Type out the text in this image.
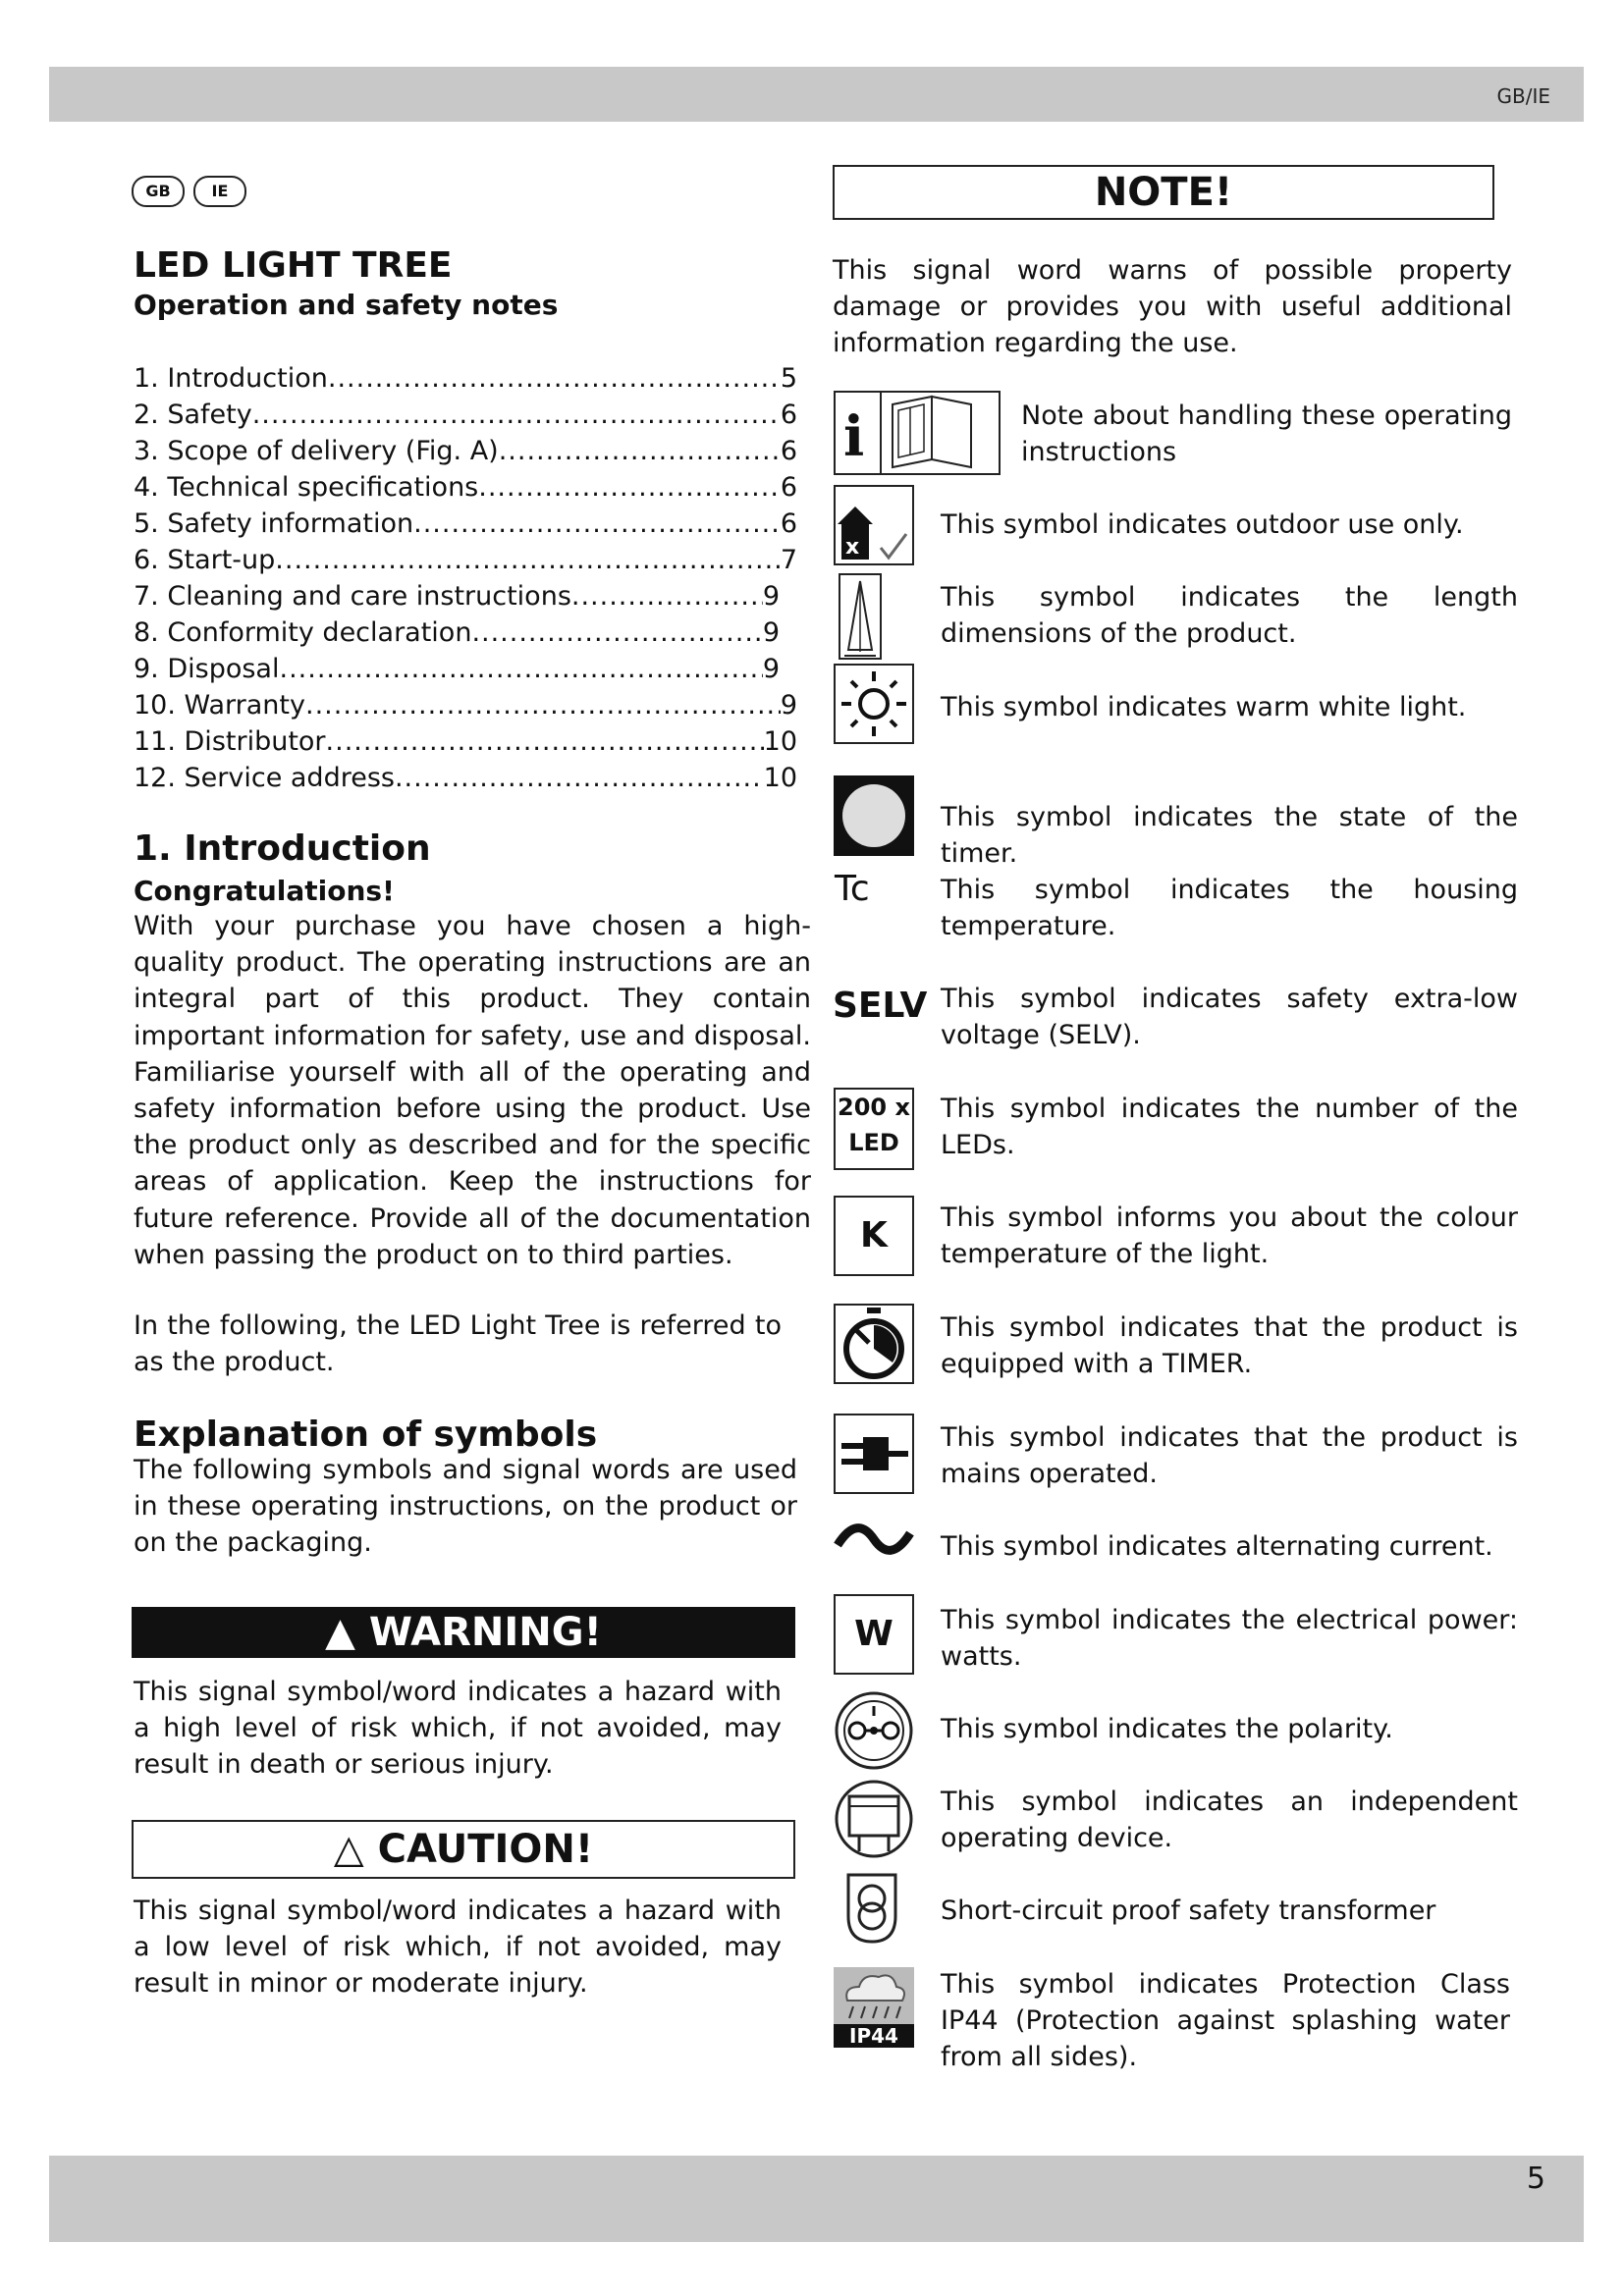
GB/IE
5
GB	IE
LED LIGHT TREE
Operation and safety notes
1. Introduction .....	5
2. Safety .....	6
3. Scope of delivery (Fig. A) .....	6
4. Technical specifications .....	6
5. Safety information .....	6
6. Start-up .....	7
7. Cleaning and care instructions .....	9
8. Conformity declaration .....	9
9. Disposal .....	9
10. Warranty .....	9
11. Distributor .....	10
12. Service address .....	10
1. Introduction
Congratulations!
With your purchase you have chosen a high-quality product. The operating instructions are an integral part of this product. They contain important information for safety, use and disposal. Familiarise yourself with all of the operating and safety information before using the product. Use the product only as described and for the specific areas of application. Keep the instructions for future reference. Provide all of the documentation when passing the product on to third parties.
In the following, the LED Light Tree is referred to as the product.
Explanation of symbols
The following symbols and signal words are used in these operating instructions, on the product or on the packaging.
▲ WARNING!
This signal symbol/word indicates a hazard with a high level of risk which, if not avoided, may result in death or serious injury.
△ CAUTION!
This signal symbol/word indicates a hazard with a low level of risk which, if not avoided, may result in minor or moderate injury.
NOTE!
This signal word warns of possible property damage or provides you with useful additional information regarding the use.
i	Note about handling these operating instructions
x
This symbol indicates outdoor use only.
This symbol indicates the length dimensions of the product.
This symbol indicates warm white light.
This symbol indicates the state of the timer.
Tc	This symbol indicates the housing temperature.
SELV This symbol indicates safety extra-low voltage (SELV).
200 x
LED
This symbol indicates the number of the LEDs.
K	This symbol informs you about the colour temperature of the light.
This symbol indicates that the product is equipped with a TIMER.
This symbol indicates that the product is mains operated.
This symbol indicates alternating current.
W	This symbol indicates the electrical power: watts.
This symbol indicates the polarity.
This symbol indicates an independent operating device.
Short-circuit proof safety transformer
IP44
This symbol indicates Protection Class IP44 (Protection against splashing water from all sides).
